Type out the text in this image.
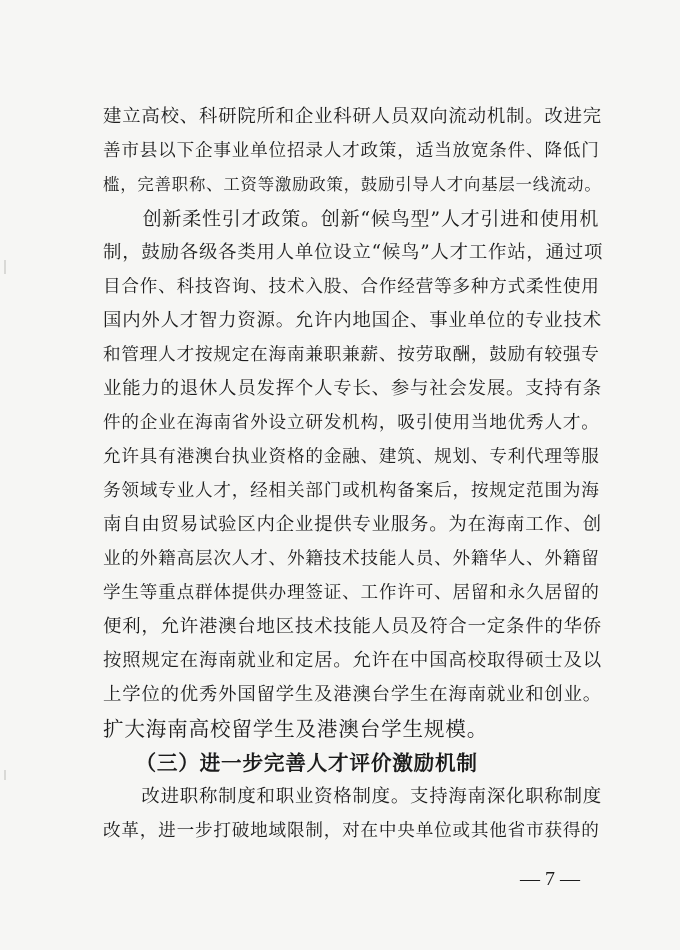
建立高校、科研院所和企业科研人员双向流动机制。改进完
善市县以下企事业单位招录人才政策，适当放宽条件、降低门
槛，完善职称、工资等激励政策，鼓励引导人才向基层一线流动。
　　创新柔性引才政策。创新“候鸟型”人才引进和使用机
制，鼓励各级各类用人单位设立“候鸟”人才工作站，通过项
目合作、科技咨询、技术入股、合作经营等多种方式柔性使用
国内外人才智力资源。允许内地国企、事业单位的专业技术
和管理人才按规定在海南兼职兼薪、按劳取酬，鼓励有较强专
业能力的退休人员发挥个人专长、参与社会发展。支持有条
件的企业在海南省外设立研发机构，吸引使用当地优秀人才。
允许具有港澳台执业资格的金融、建筑、规划、专利代理等服
务领域专业人才，经相关部门或机构备案后，按规定范围为海
南自由贸易试验区内企业提供专业服务。为在海南工作、创
业的外籍高层次人才、外籍技术技能人员、外籍华人、外籍留
学生等重点群体提供办理签证、工作许可、居留和永久居留的
便利，允许港澳台地区技术技能人员及符合一定条件的华侨
按照规定在海南就业和定居。允许在中国高校取得硕士及以
上学位的优秀外国留学生及港澳台学生在海南就业和创业。
扩大海南高校留学生及港澳台学生规模。
　　（三）进一步完善人才评价激励机制
　　改进职称制度和职业资格制度。支持海南深化职称制度
改革，进一步打破地域限制，对在中央单位或其他省市获得的
— 7 —
